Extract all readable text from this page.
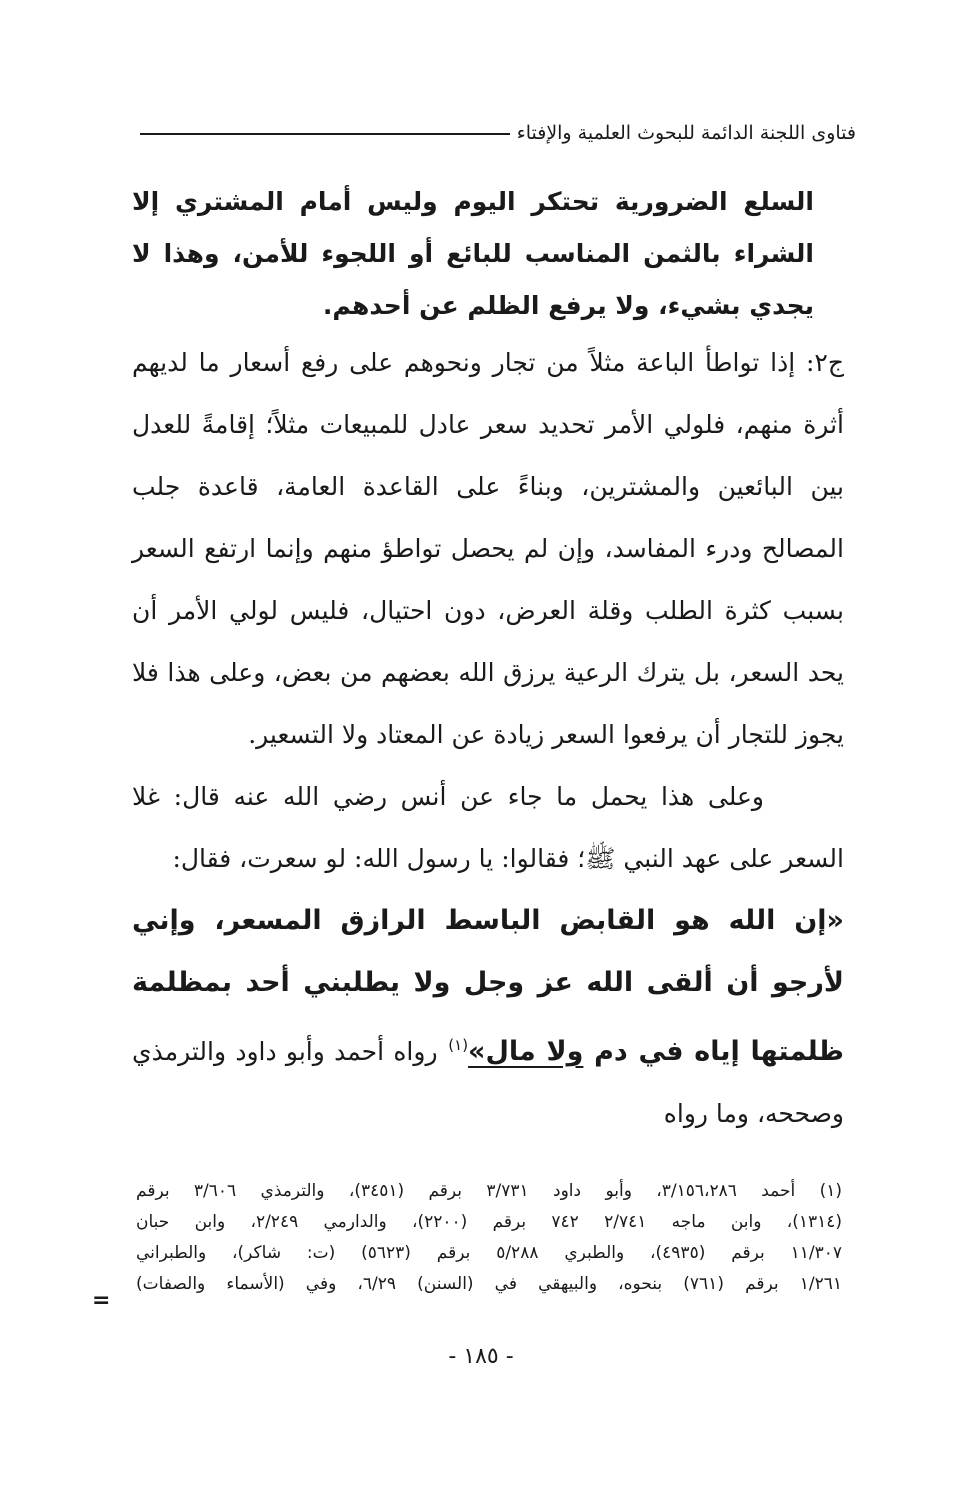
فتاوى اللجنة الدائمة للبحوث العلمية والإفتاء

السلع الضرورية تحتكر اليوم وليس أمام المشتري إلا الشراء بالثمن المناسب للبائع أو اللجوء للأمن، وهذا لا يجدي بشيء، ولا يرفع الظلم عن أحدهم.

ج٢: إذا تواطأ الباعة مثلاً من تجار ونحوهم على رفع أسعار ما لديهم أثرة منهم، فلولي الأمر تحديد سعر عادل للمبيعات مثلاً؛ إقامةً للعدل بين البائعين والمشترين، وبناءً على القاعدة العامة، قاعدة جلب المصالح ودرء المفاسد، وإن لم يحصل تواطؤ منهم وإنما ارتفع السعر بسبب كثرة الطلب وقلة العرض، دون احتيال، فليس لولي الأمر أن يحد السعر، بل يترك الرعية يرزق الله بعضهم من بعض، وعلى هذا فلا يجوز للتجار أن يرفعوا السعر زيادة عن المعتاد ولا التسعير.

وعلى هذا يحمل ما جاء عن أنس رضي الله عنه قال: غلا السعر على عهد النبي ﷺ؛ فقالوا: يا رسول الله: لو سعرت، فقال:

«إن الله هو القابض الباسط الرازق المسعر، وإني لأرجو أن ألقى الله عز وجل ولا يطلبني أحد بمظلمة ظلمتها إياه في دم ولا مال»$^{(١)}$ رواه أحمد وأبو داود والترمذي وصححه، وما رواه

(١) أحمد ٣/١٥٦،٢٨٦، وأبو داود ٣/٧٣١ برقم (٣٤٥١)، والترمذي ٣/٦٠٦ برقم
(١٣١٤)، وابن ماجه ٢/٧٤١ ٧٤٢ برقم (٢٢٠٠)، والدارمي ٢/٢٤٩، وابن حبان
١١/٣٠٧ برقم (٤٩٣٥)، والطبري ٥/٢٨٨ برقم (٥٦٢٣) (ت: شاكر)، والطبراني
١/٢٦١ برقم (٧٦١) بنحوه، والبيهقي في (السنن) ٦/٢٩، وفي (الأسماء والصفات)
=
- ١٨٥ -
